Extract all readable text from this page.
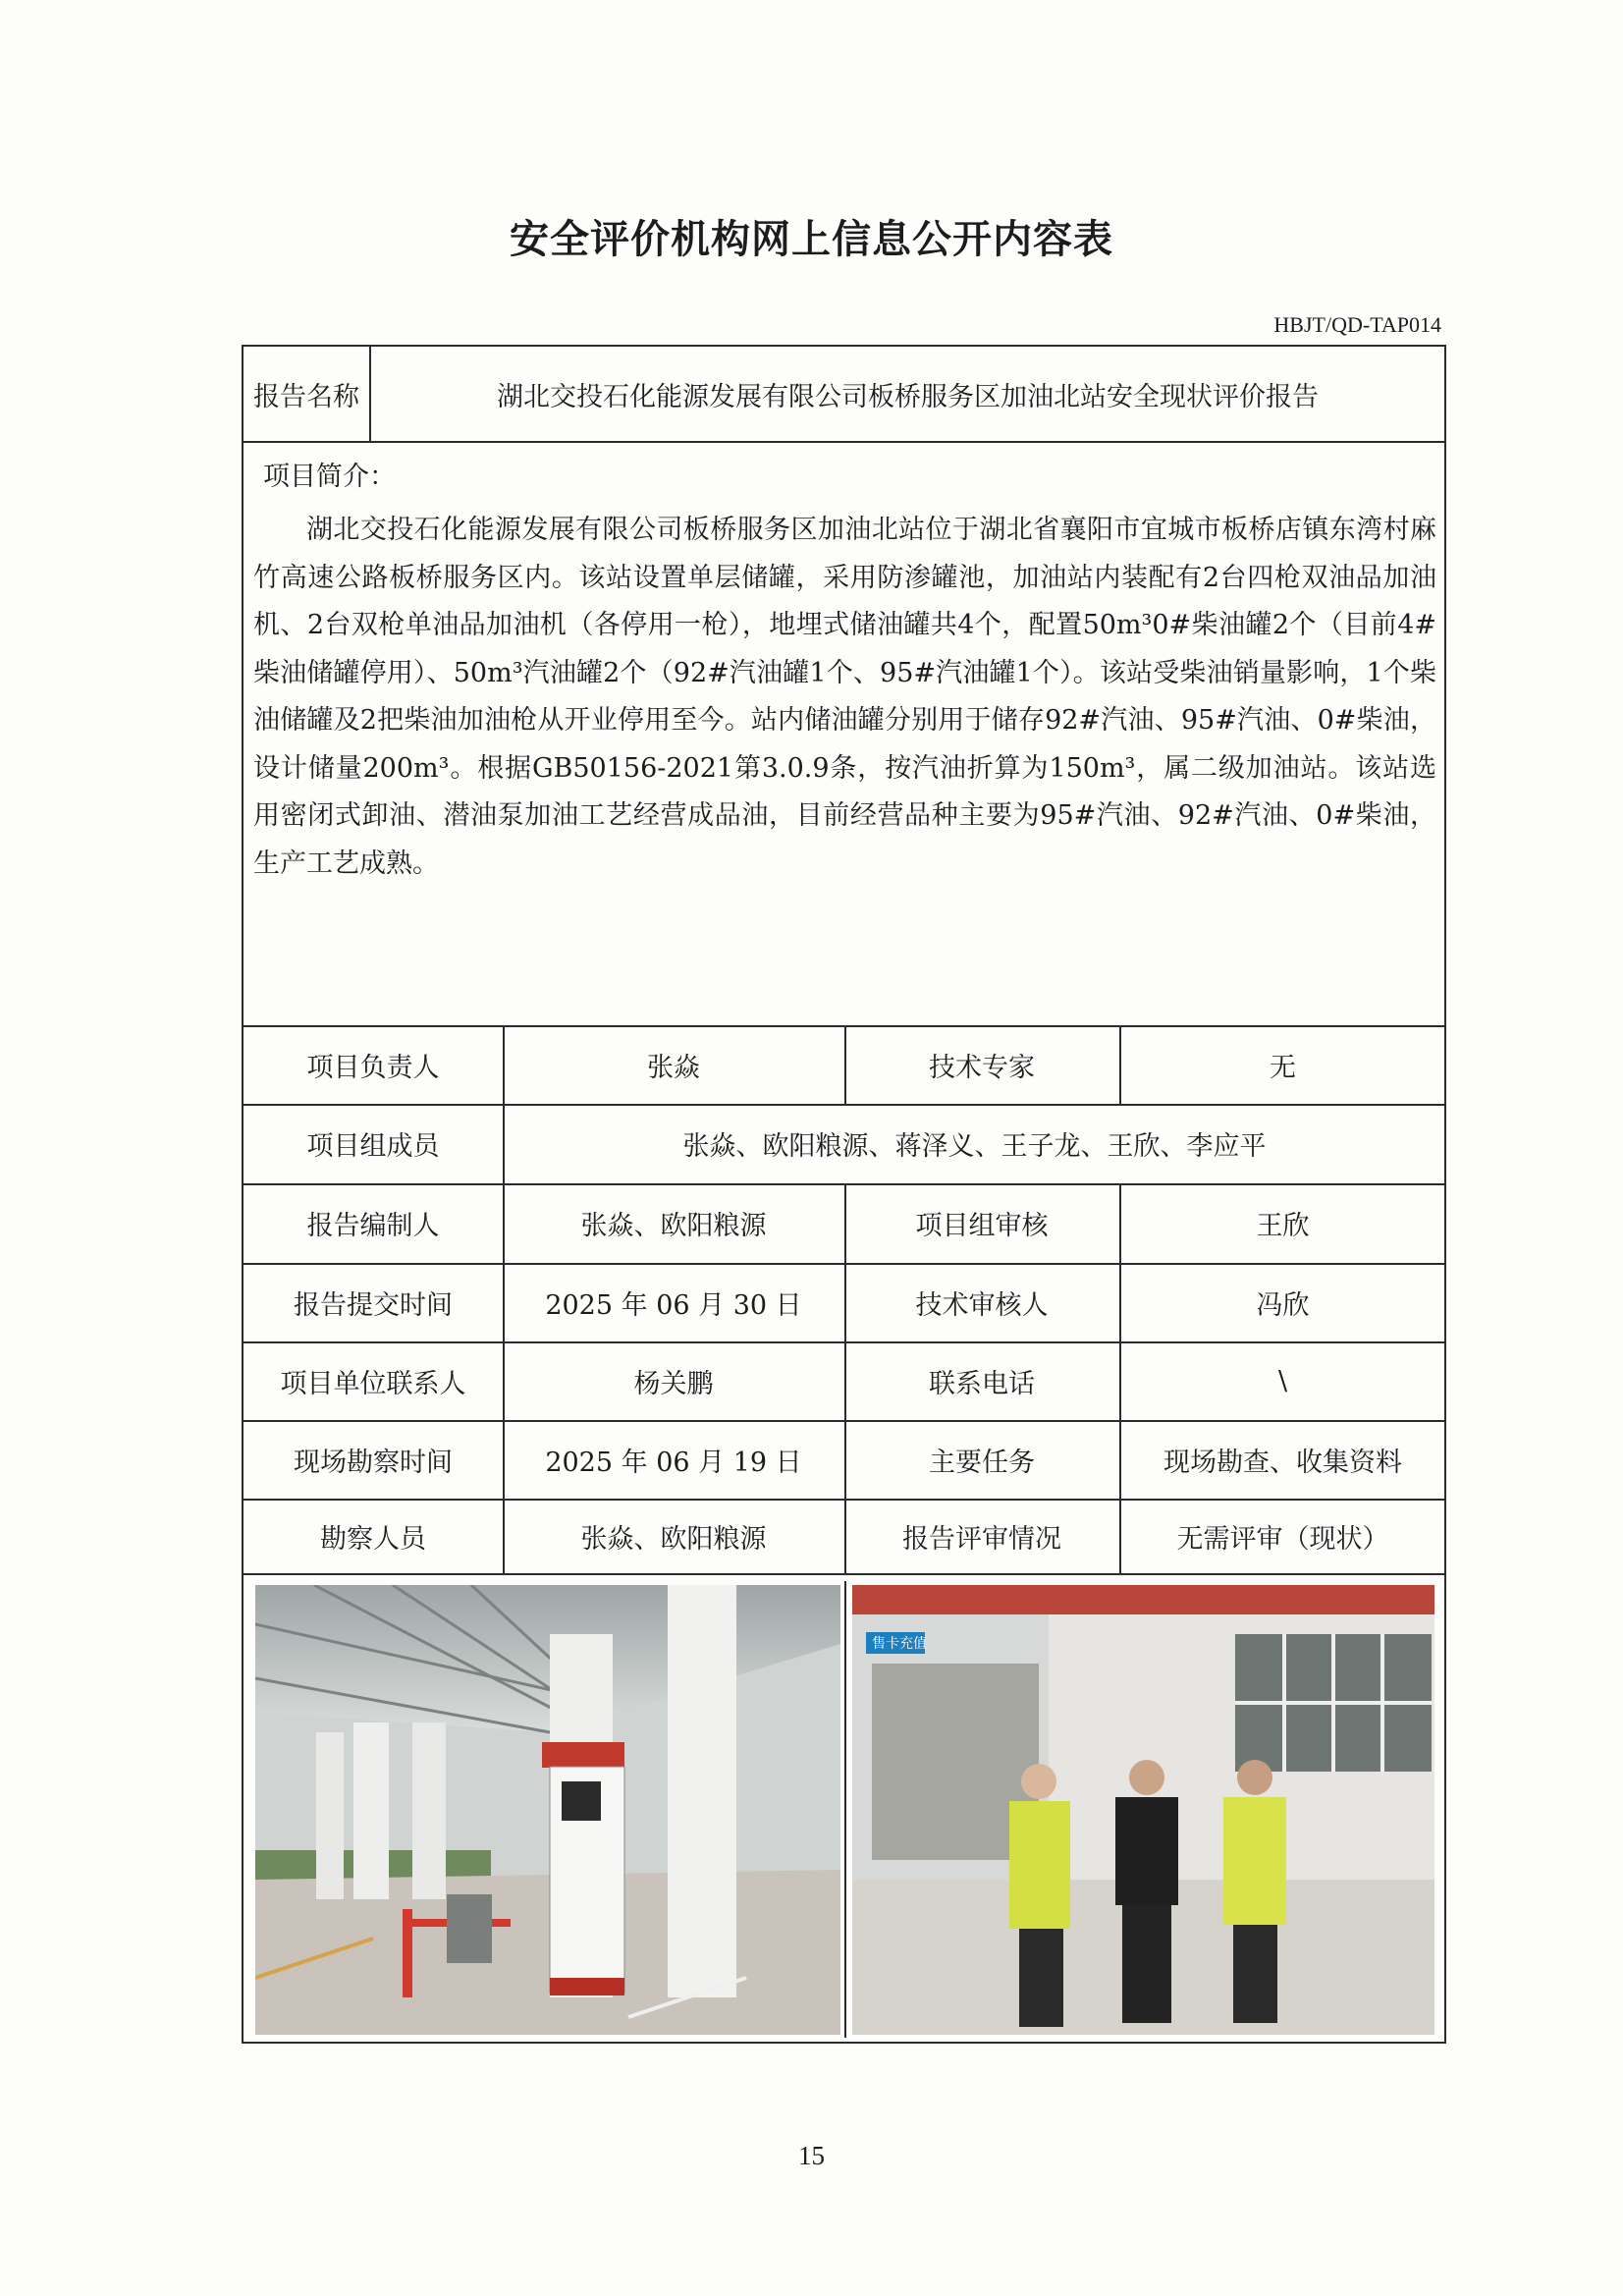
安全评价机构网上信息公开内容表
HBJT/QD-TAP014
报告名称	湖北交投石化能源发展有限公司板桥服务区加油北站安全现状评价报告
项目简介：

湖北交投石化能源发展有限公司板桥服务区加油北站位于湖北省襄阳市宜城市板桥店镇东湾村麻竹高速公路板桥服务区内。该站设置单层储罐，采用防渗罐池，加油站内装配有2台四枪双油品加油机、2台双枪单油品加油机（各停用一枪），地埋式储油罐共4个，配置50m³0#柴油罐2个（目前4#柴油储罐停用）、50m³汽油罐2个（92#汽油罐1个、95#汽油罐1个）。该站受柴油销量影响，1个柴油储罐及2把柴油加油枪从开业停用至今。站内储油罐分别用于储存92#汽油、95#汽油、0#柴油，设计储量200m³。根据GB50156-2021第3.0.9条，按汽油折算为150m³，属二级加油站。该站选用密闭式卸油、潜油泵加油工艺经营成品油，目前经营品种主要为95#汽油、92#汽油、0#柴油，生产工艺成熟。

项目负责人	张焱	技术专家	无
项目组成员	张焱、欧阳粮源、蒋泽义、王子龙、王欣、李应平
报告编制人	张焱、欧阳粮源	项目组审核	王欣
报告提交时间	2025 年 06 月 30 日	技术审核人	冯欣
项目单位联系人	杨关鹏	联系电话	\
现场勘察时间	2025 年 06 月 19 日	主要任务	现场勘查、收集资料
勘察人员	张焱、欧阳粮源	报告评审情况	无需评审（现状）
售卡充值
15
